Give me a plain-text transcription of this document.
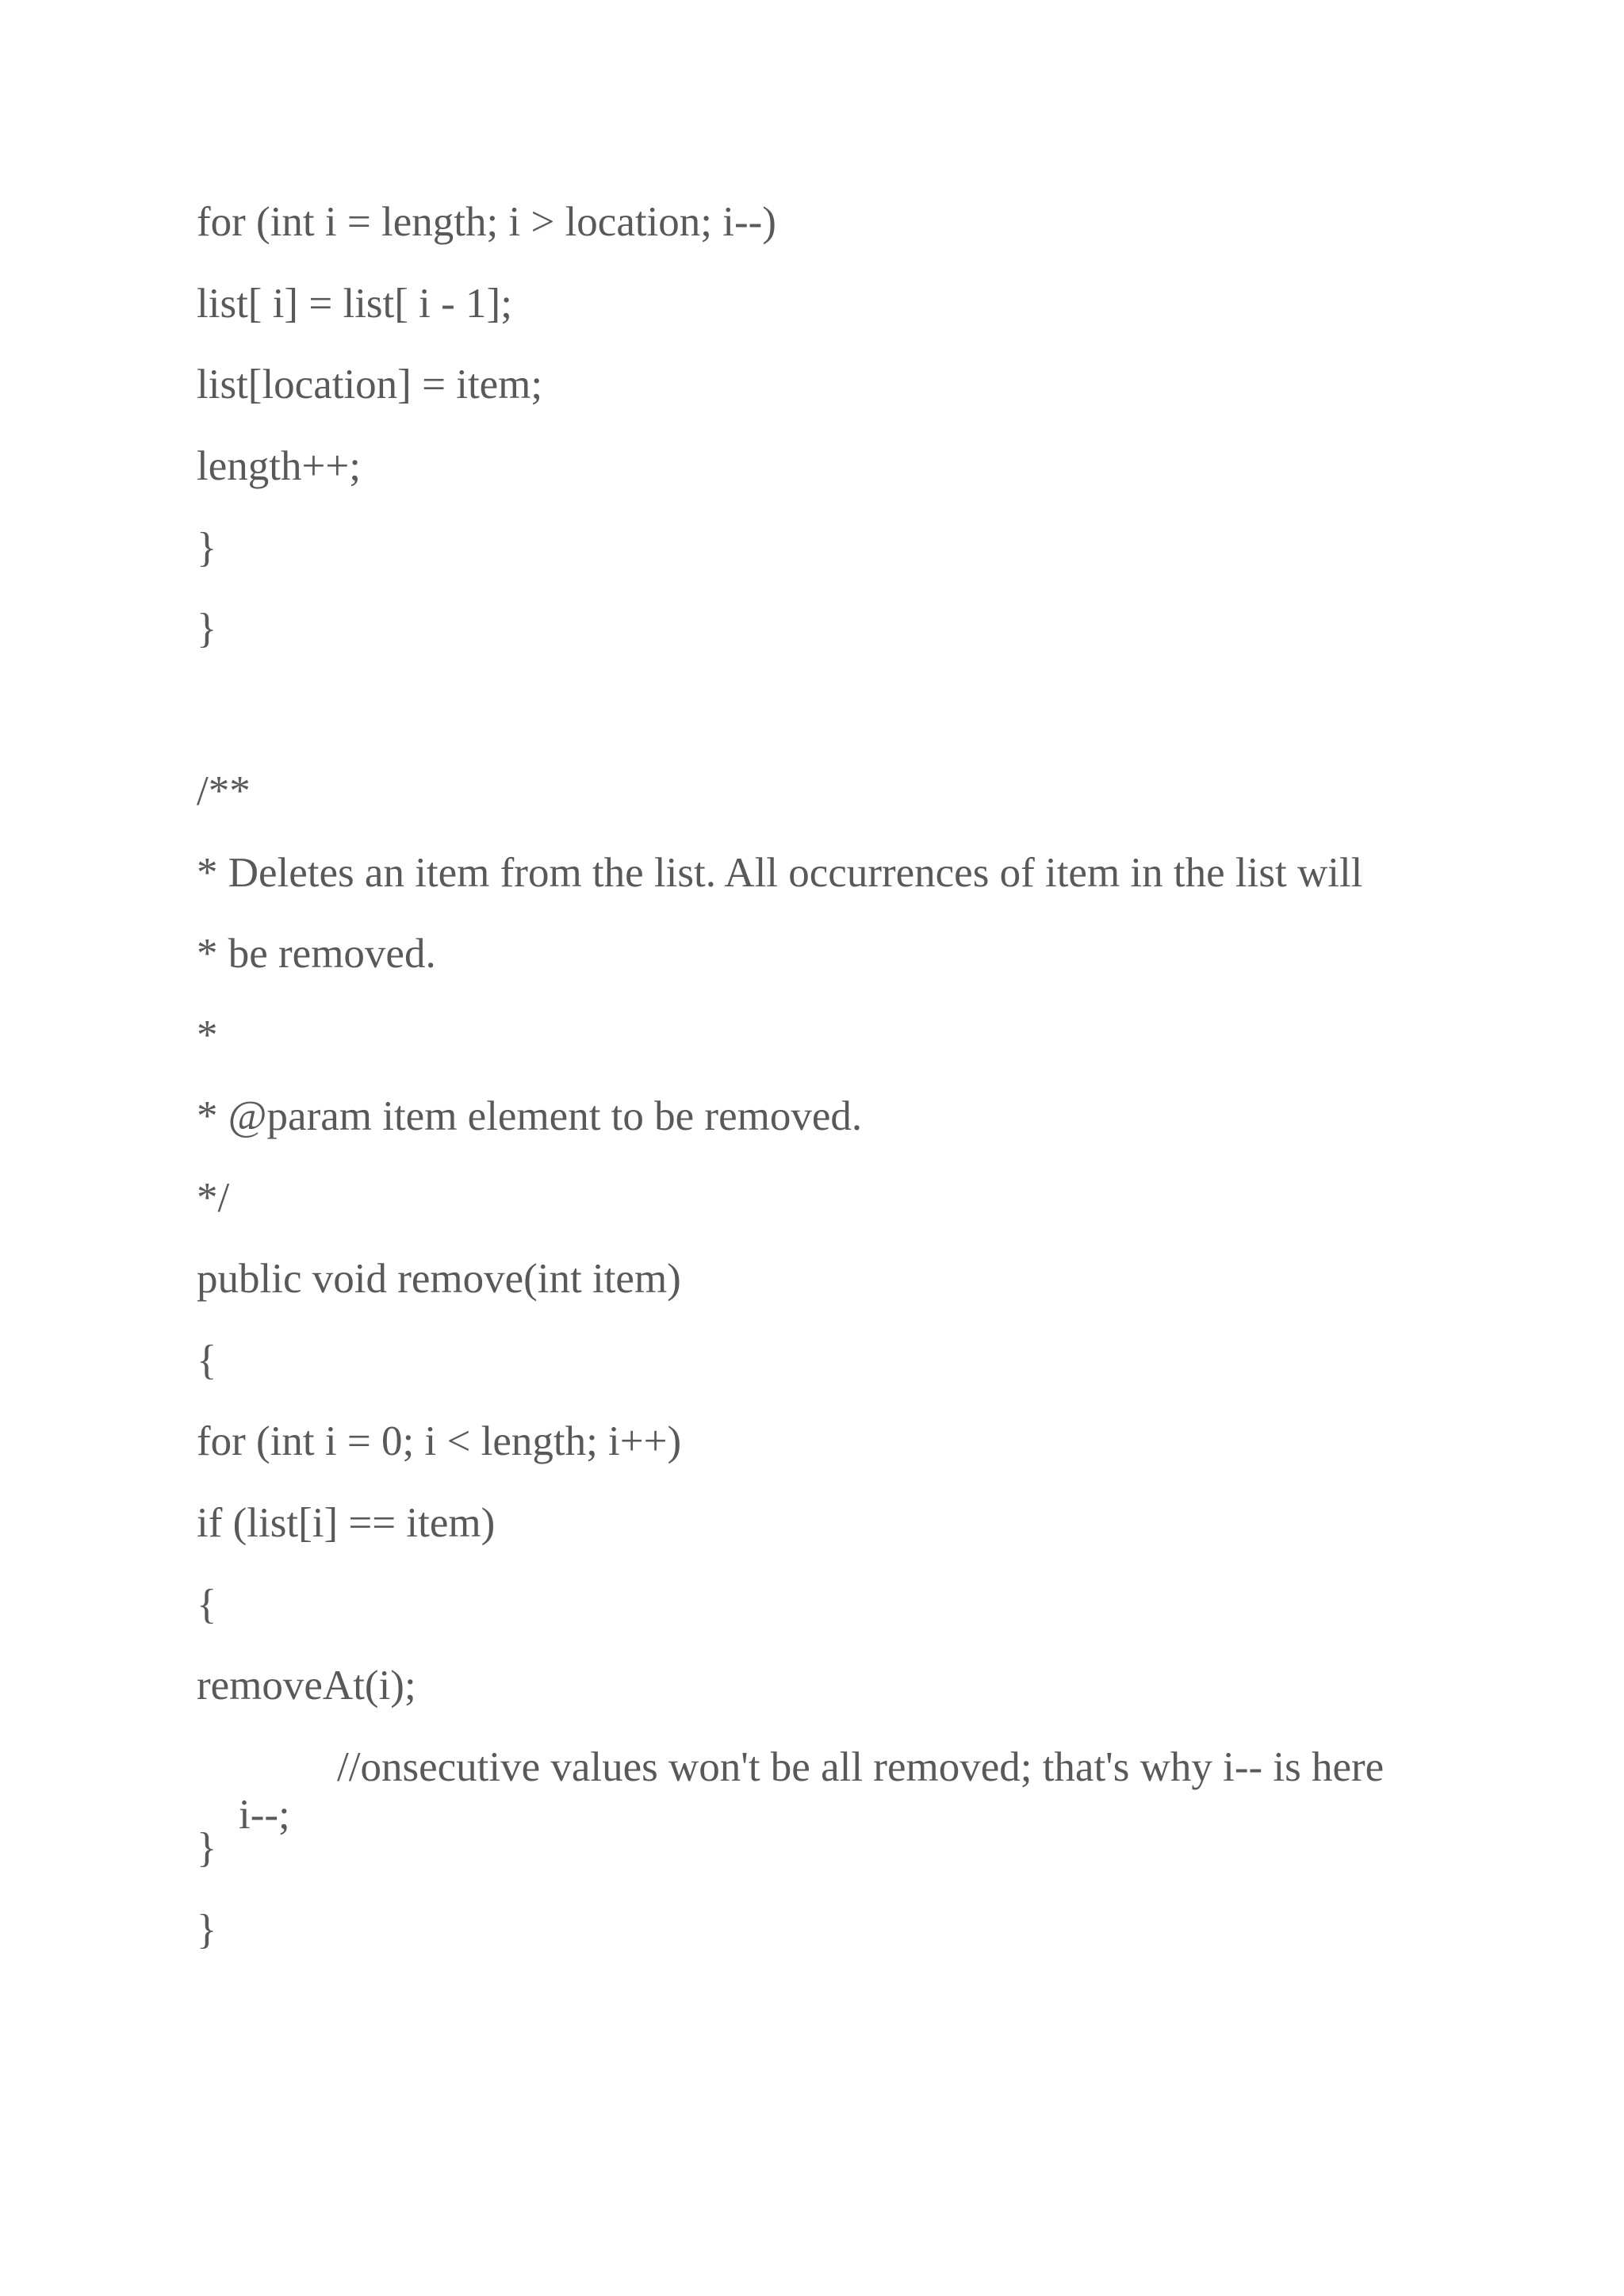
for (int i = length; i > location; i--)
list[ i] = list[ i - 1];
list[location] = item;
length++;
}
}
/**
* Deletes an item from the list. All occurrences of item in the list will
* be removed.
*
* @param item element to be removed.
*/
public void remove(int item)
{
for (int i = 0; i < length; i++)
if (list[i] == item)
{
removeAt(i);

i--;

//onsecutive values won't be all removed; that's why i-- is here

}
}
